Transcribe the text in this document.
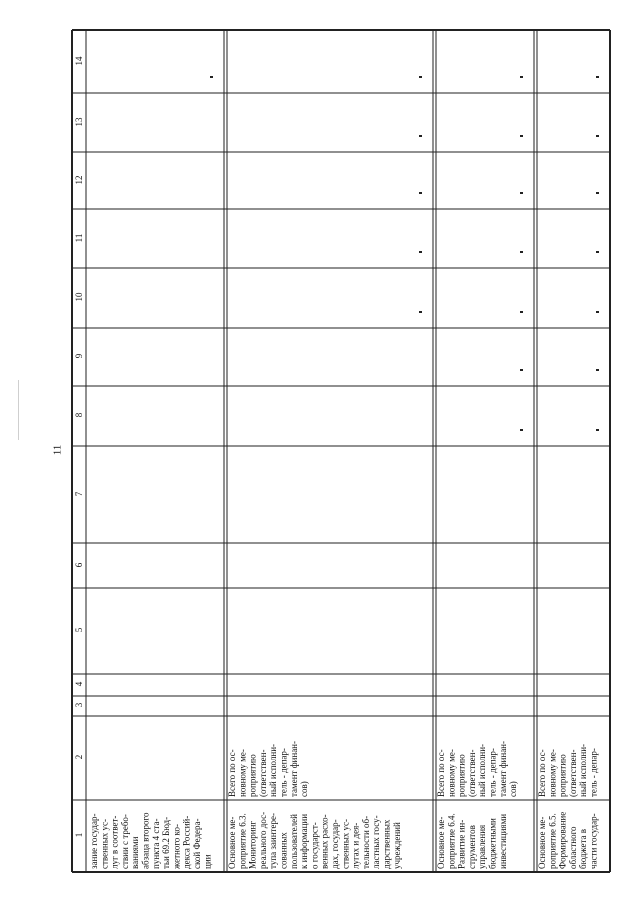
11
1
2
3
4
5
6
7
8
9
10
11
12
13
14
зание государ-
ственных ус-
луг в соответ-
ствии с требо-
ваниями
абзаца второго
пункта 4 ста-
тьи 69.2 Бюд-
жетного ко-
декса Россий-
ской Федера-
ции	Основное ме-
роприятие 6.3.
Мониторинг
реального дос-
тупа заинтере-
сованных
пользователей
к информации
о государст-
венных расхо-
дах, государ-
ственных ус-
лугах и дея-
тельности об-
ластных госу-
дарственных
учреждений
Всего по ос-
новному ме-
роприятию
(ответствен-
ный исполни-
тель - депар-
тамент финан-
сов)
Основное ме-
роприятие 6.4.
Развитие ин-
струментов
управления
бюджетными
инвестициями
Всего по ос-
новному ме-
роприятию
(ответствен-
ный исполни-
тель - депар-
тамент финан-
сов)
Основное ме-
роприятие 6.5.
Формирование
областного
бюджета в
части государ-
Всего по ос-
новному ме-
роприятию
(ответствен-
ный исполни-
тель - депар-
